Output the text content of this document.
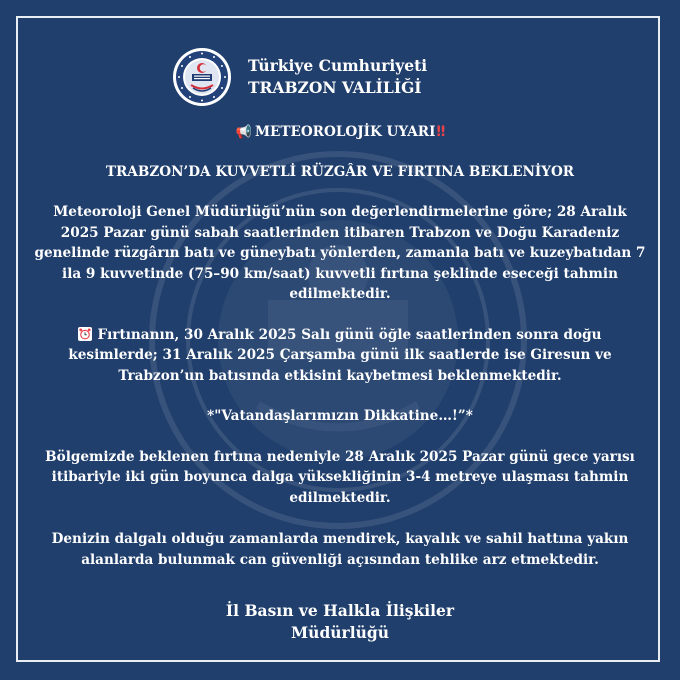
Türkiye Cumhuriyeti
TRABZON VALİLİĞİ

📢 METEOROLOJİK UYARI!!

TRABZON’DA KUVVETLİ RÜZGÂR VE FIRTINA BEKLENİYOR

Meteoroloji Genel Müdürlüğü’nün son değerlendirmelerine göre; 28 Aralık 2025 Pazar günü sabah saatlerinden itibaren Trabzon ve Doğu Karadeniz genelinde rüzgârın batı ve güneybatı yönlerden, zamanla batı ve kuzeybatıdan 7 ila 9 kuvvetinde (75–90 km/saat) kuvvetli fırtına şeklinde eseceği tahmin edilmektedir.

Fırtınanın, 30 Aralık 2025 Salı günü öğle saatlerinden sonra doğu kesimlerde; 31 Aralık 2025 Çarşamba günü ilk saatlerde ise Giresun ve Trabzon’un batısında etkisini kaybetmesi beklenmektedir.

*"Vatandaşlarımızın Dikkatine…!”*

Bölgemizde beklenen fırtına nedeniyle 28 Aralık 2025 Pazar günü gece yarısı itibariyle iki gün boyunca dalga yüksekliğinin 3-4 metreye ulaşması tahmin edilmektedir.

Denizin dalgalı olduğu zamanlarda mendirek, kayalık ve sahil hattına yakın alanlarda bulunmak can güvenliği açısından tehlike arz etmektedir.

İl Basın ve Halkla İlişkiler
Müdürlüğü
